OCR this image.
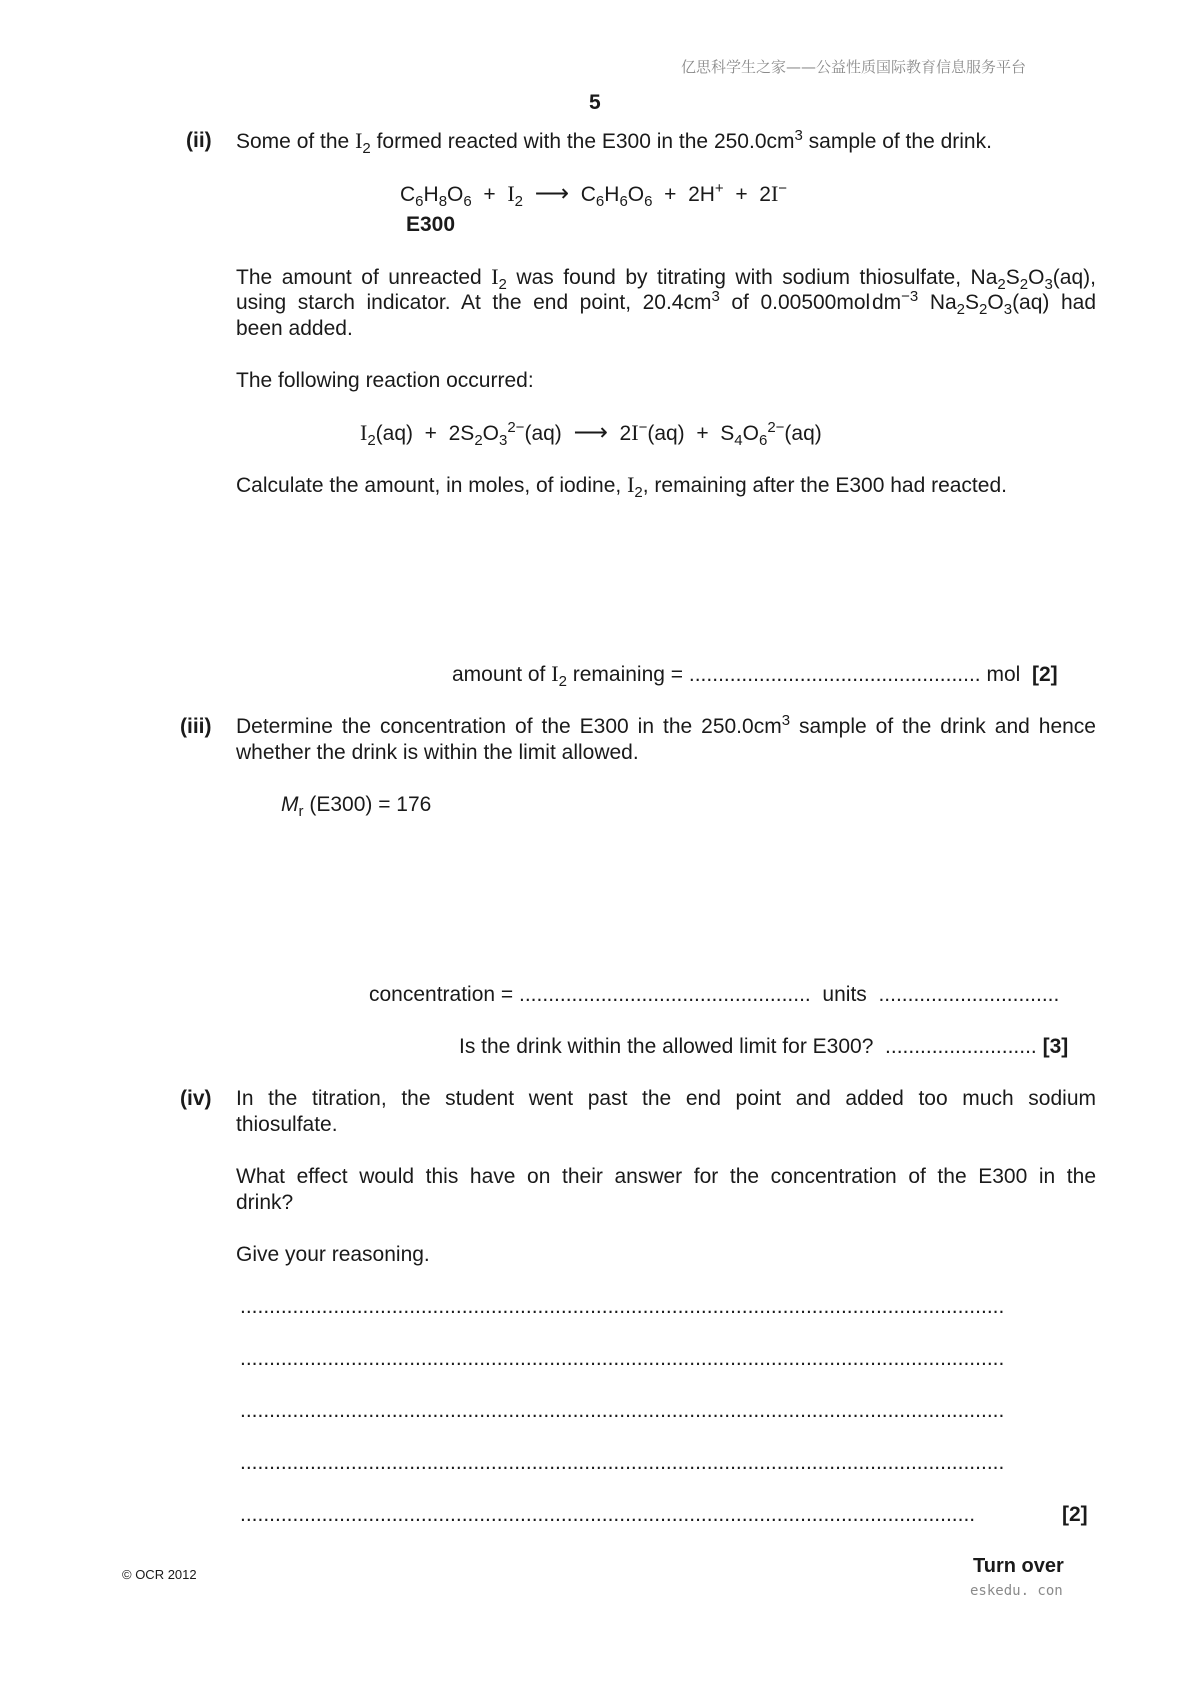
亿思科学生之家——公益性质国际教育信息服务平台
5
(ii) Some of the $I_2$ formed reacted with the E300 in the $250.0cm^3$ sample of the drink.
$C_6H_8O_6 + I_2$ ⟶  $C_6H_6O_6 + 2H^+ + 2I^-$
E300
The amount of unreacted $I_2$ was found by titrating with sodium thiosulfate, $Na_2S_2O_3(aq)$,
using starch indicator. At the end point, $20.4cm^3$ of 0.00500mol $dm^{-3}$ $Na_2S_2O_3(aq)$ had
been added.
The following reaction occurred:
$I_2(aq) + 2S_2O_3^{2-}(aq)$  ⟶  $2I^-(aq) + S_4O_6^{2-}(aq)$
Calculate the amount, in moles, of iodine, $I_2$, remaining after the E300 had reacted.
amount of $I_2$ remaining = .................................................. mol [2]
(iii) Determine the concentration of the E300 in the $250.0cm^3$ sample of the drink and hence
whether the drink is within the limit allowed.
$M_r$ (E300) = 176
concentration = .................................................. units ...............................
Is the drink within the allowed limit for E300? .......................... [3]
(iv) In the titration, the student went past the end point and added too much sodium
thiosulfate.
What effect would this have on their answer for the concentration of the E300 in the
drink?
Give your reasoning.
...................................................................................................................................
...................................................................................................................................
...................................................................................................................................
...................................................................................................................................
..............................................................................................................................	[2]
© OCR 2012	Turn over
eskedu. con
